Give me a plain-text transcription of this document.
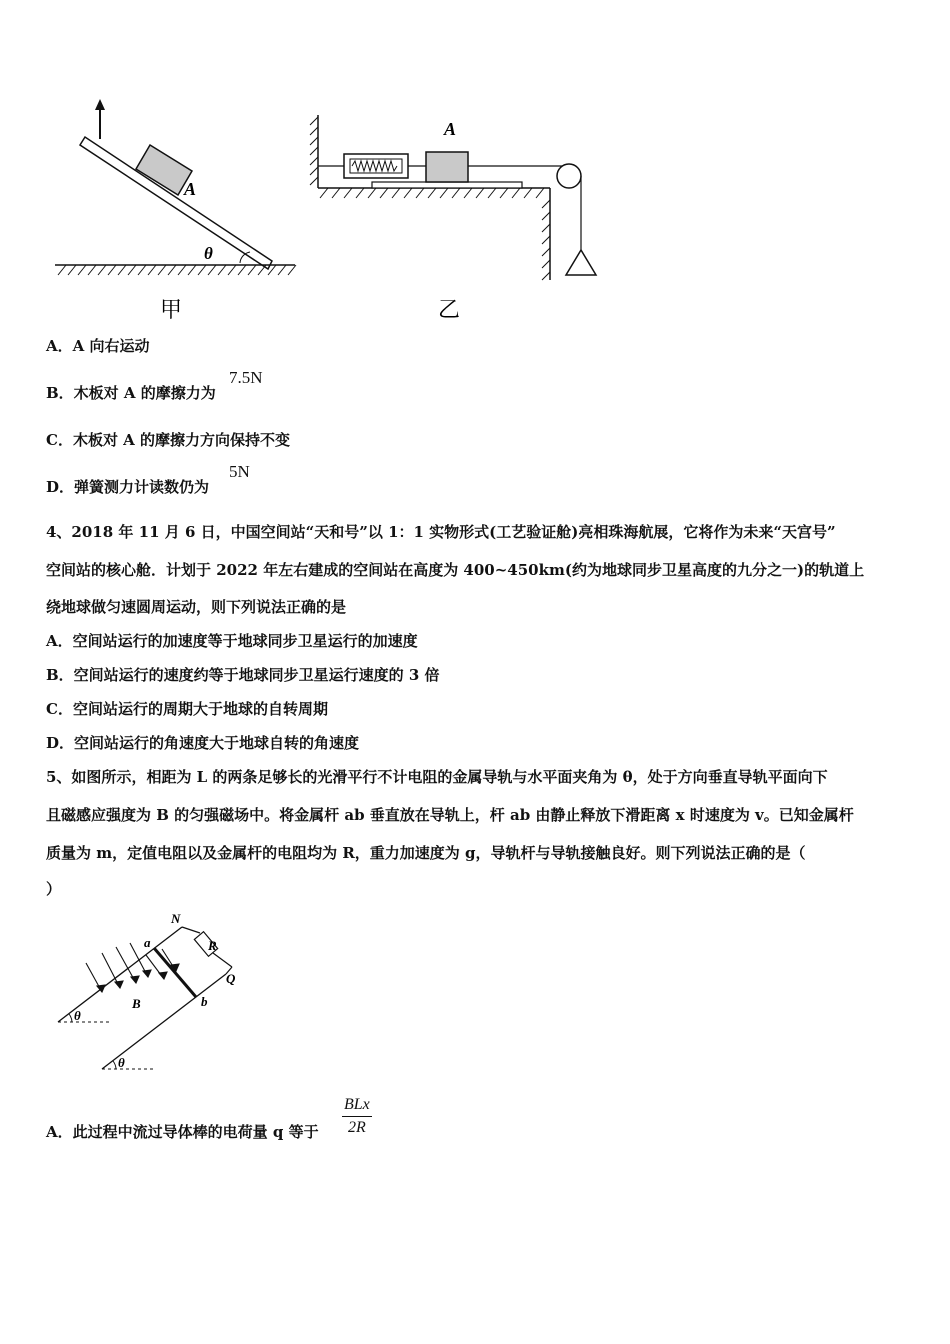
A
θ
甲
A
乙
A．A 向右运动
B．木板对 A 的摩擦力为
7.5N
C．木板对 A 的摩擦力方向保持不变
D．弹簧测力计读数仍为
5N
4、2018 年 11 月 6 日，中国空间站“天和号”以 1：1 实物形式(工艺验证舱)亮相珠海航展，它将作为未来“天宫号”
空间站的核心舱．计划于 2022 年左右建成的空间站在高度为 400~450km(约为地球同步卫星高度的九分之一)的轨道上
绕地球做匀速圆周运动，则下列说法正确的是
A．空间站运行的加速度等于地球同步卫星运行的加速度
B．空间站运行的速度约等于地球同步卫星运行速度的 3 倍
C．空间站运行的周期大于地球的自转周期
D．空间站运行的角速度大于地球自转的角速度
5、如图所示，相距为 L 的两条足够长的光滑平行不计电阻的金属导轨与水平面夹角为 θ，处于方向垂直导轨平面向下
且磁感应强度为 B 的匀强磁场中。将金属杆 ab 垂直放在导轨上，杆 ab 由静止释放下滑距离 x 时速度为 v。已知金属杆
质量为 m，定值电阻以及金属杆的电阻均为 R，重力加速度为 g，导轨杆与导轨接触良好。则下列说法正确的是（
）
N
R
Q
a
b
B
θ
θ
A．此过程中流过导体棒的电荷量 q 等于
BLx
2R
